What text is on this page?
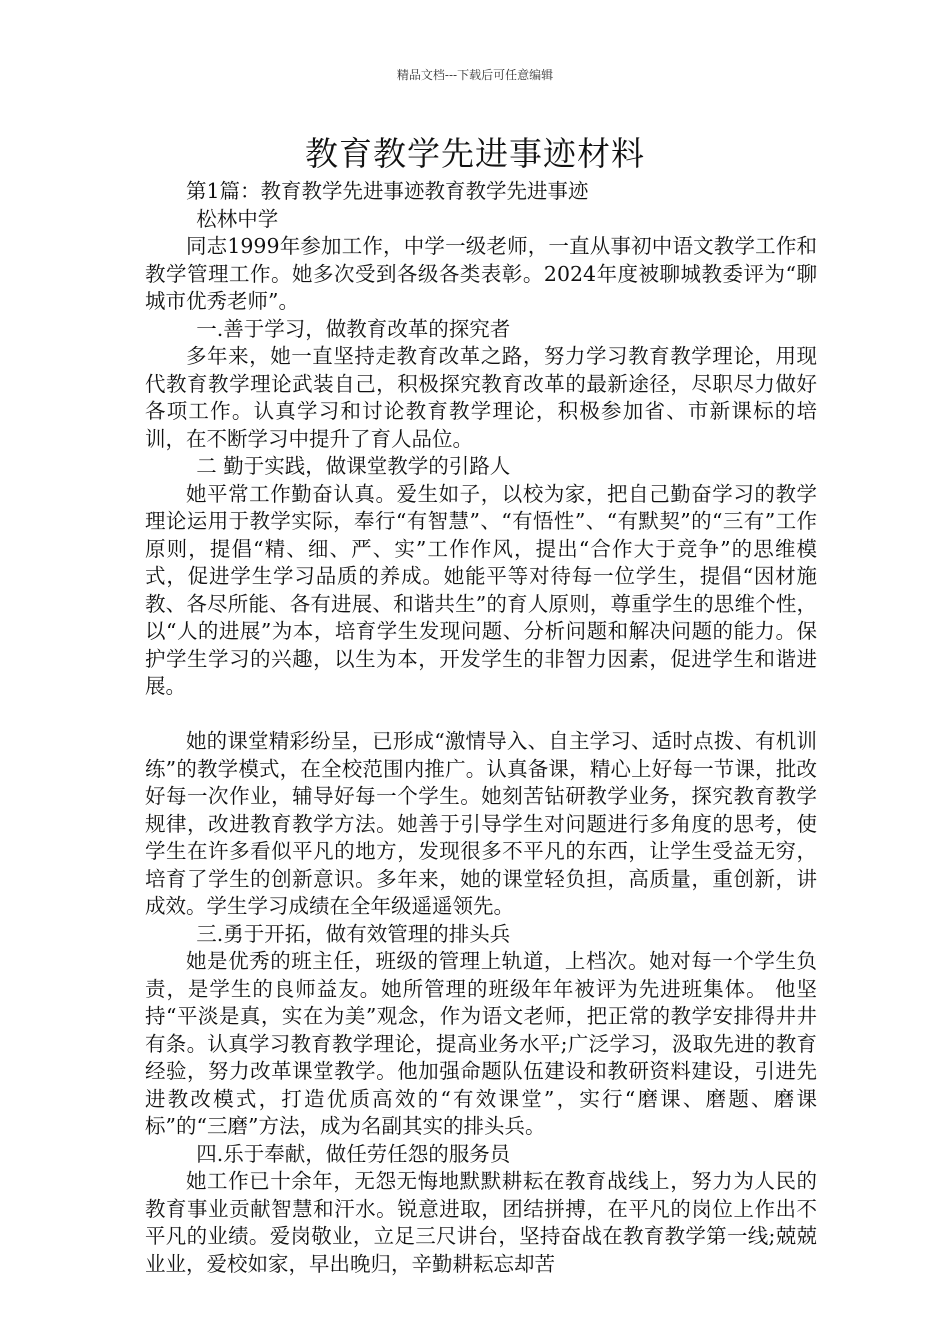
精品文档---下载后可任意编辑
教育教学先进事迹材料

第1篇：教育教学先进事迹教育教学先进事迹

松林中学

同志1999年参加工作，中学一级老师，一直从事初中语文教学工作和教学管理工作。她多次受到各级各类表彰。2024年度被聊城教委评为“聊城市优秀老师”。

一.善于学习，做教育改革的探究者

多年来，她一直坚持走教育改革之路，努力学习教育教学理论，用现代教育教学理论武装自己，积极探究教育改革的最新途径，尽职尽力做好各项工作。认真学习和讨论教育教学理论，积极参加省、市新课标的培训，在不断学习中提升了育人品位。

二 勤于实践，做课堂教学的引路人

她平常工作勤奋认真。爱生如子，以校为家，把自己勤奋学习的教学理论运用于教学实际，奉行“有智慧”、“有悟性”、“有默契”的“三有”工作原则，提倡“精、细、严、实”工作作风，提出“合作大于竞争”的思维模式，促进学生学习品质的养成。她能平等对待每一位学生，提倡“因材施教、各尽所能、各有进展、和谐共生”的育人原则，尊重学生的思维个性，以“人的进展”为本，培育学生发现问题、分析问题和解决问题的能力。保护学生学习的兴趣，以生为本，开发学生的非智力因素，促进学生和谐进展。

她的课堂精彩纷呈，已形成“激情导入、自主学习、适时点拨、有机训练”的教学模式，在全校范围内推广。认真备课，精心上好每一节课，批改好每一次作业，辅导好每一个学生。她刻苦钻研教学业务，探究教育教学规律，改进教育教学方法。她善于引导学生对问题进行多角度的思考，使学生在许多看似平凡的地方，发现很多不平凡的东西，让学生受益无穷，培育了学生的创新意识。多年来，她的课堂轻负担，高质量，重创新，讲成效。学生学习成绩在全年级遥遥领先。

三.勇于开拓，做有效管理的排头兵

她是优秀的班主任，班级的管理上轨道，上档次。她对每一个学生负责，是学生的良师益友。她所管理的班级年年被评为先进班集体。 他坚持“平淡是真，实在为美”观念，作为语文老师，把正常的教学安排得井井有条。认真学习教育教学理论，提高业务水平;广泛学习，汲取先进的教育经验，努力改革课堂教学。他加强命题队伍建设和教研资料建设，引进先进教改模式，打造优质高效的“有效课堂”，实行“磨课、磨题、磨课标”的“三磨”方法，成为名副其实的排头兵。

四.乐于奉献，做任劳任怨的服务员

她工作已十余年，无怨无悔地默默耕耘在教育战线上，努力为人民的教育事业贡献智慧和汗水。锐意进取，团结拼搏，在平凡的岗位上作出不平凡的业绩。爱岗敬业，立足三尺讲台，坚持奋战在教育教学第一线;兢兢业业，爱校如家，早出晚归，辛勤耕耘忘却苦
